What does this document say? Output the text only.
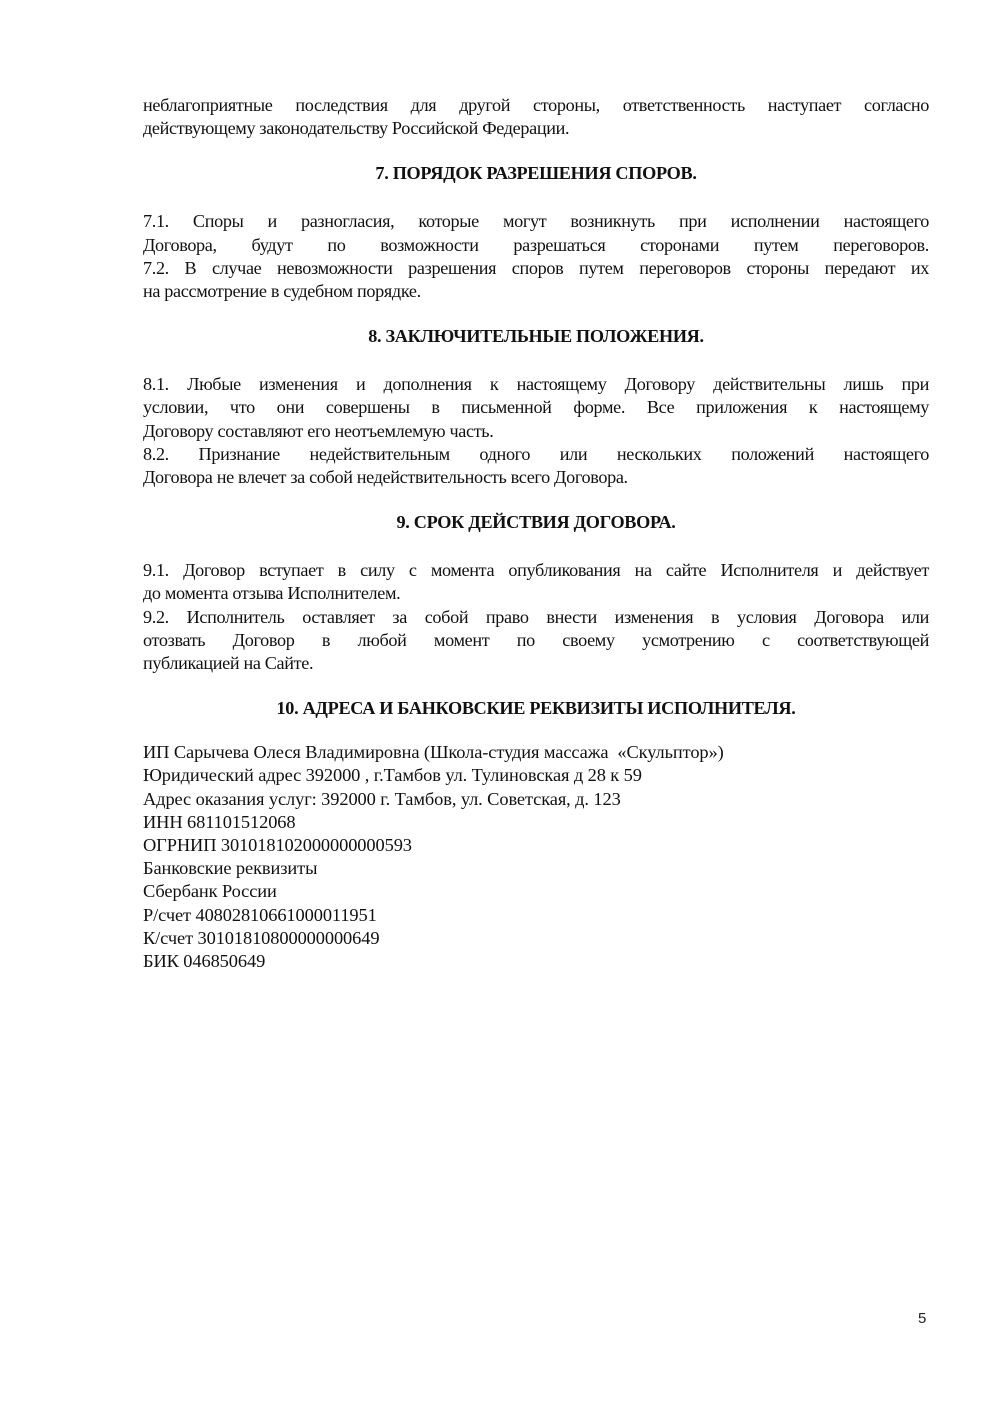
неблагоприятные последствия для другой стороны, ответственность наступает согласно

действующему законодательству Российской Федерации.

7. ПОРЯДОК РАЗРЕШЕНИЯ СПОРОВ.

7.1. Споры и разногласия, которые могут возникнуть при исполнении настоящего

Договора, будут по возможности разрешаться сторонами путем переговоров.

7.2. В случае невозможности разрешения споров путем переговоров стороны передают их

на рассмотрение в судебном порядке.

8. ЗАКЛЮЧИТЕЛЬНЫЕ ПОЛОЖЕНИЯ.

8.1. Любые изменения и дополнения к настоящему Договору действительны лишь при

условии, что они совершены в письменной форме. Все приложения к настоящему

Договору составляют его неотъемлемую часть.

8.2. Признание недействительным одного или нескольких положений настоящего

Договора не влечет за собой недействительность всего Договора.

9. СРОК ДЕЙСТВИЯ ДОГОВОРА.

9.1. Договор вступает в силу с момента опубликования на сайте Исполнителя и действует

до момента отзыва Исполнителем.

9.2. Исполнитель оставляет за собой право внести изменения в условия Договора или

отозвать Договор в любой момент по своему усмотрению с соответствующей

публикацией на Сайте.

10. АДРЕСА И БАНКОВСКИЕ РЕКВИЗИТЫ ИСПОЛНИТЕЛЯ.

ИП Сарычева Олеся Владимировна (Школа-студия массажа  «Скульптор»)

Юридический адрес 392000 , г.Тамбов ул. Тулиновская д 28 к 59

Адрес оказания услуг: 392000 г. Тамбов, ул. Советская, д. 123

ИНН 681101512068

ОГРНИП 301018102000000000593

Банковские реквизиты

Сбербанк России

Р/счет 40802810661000011951

К/счет 30101810800000000649

БИК 046850649

5
